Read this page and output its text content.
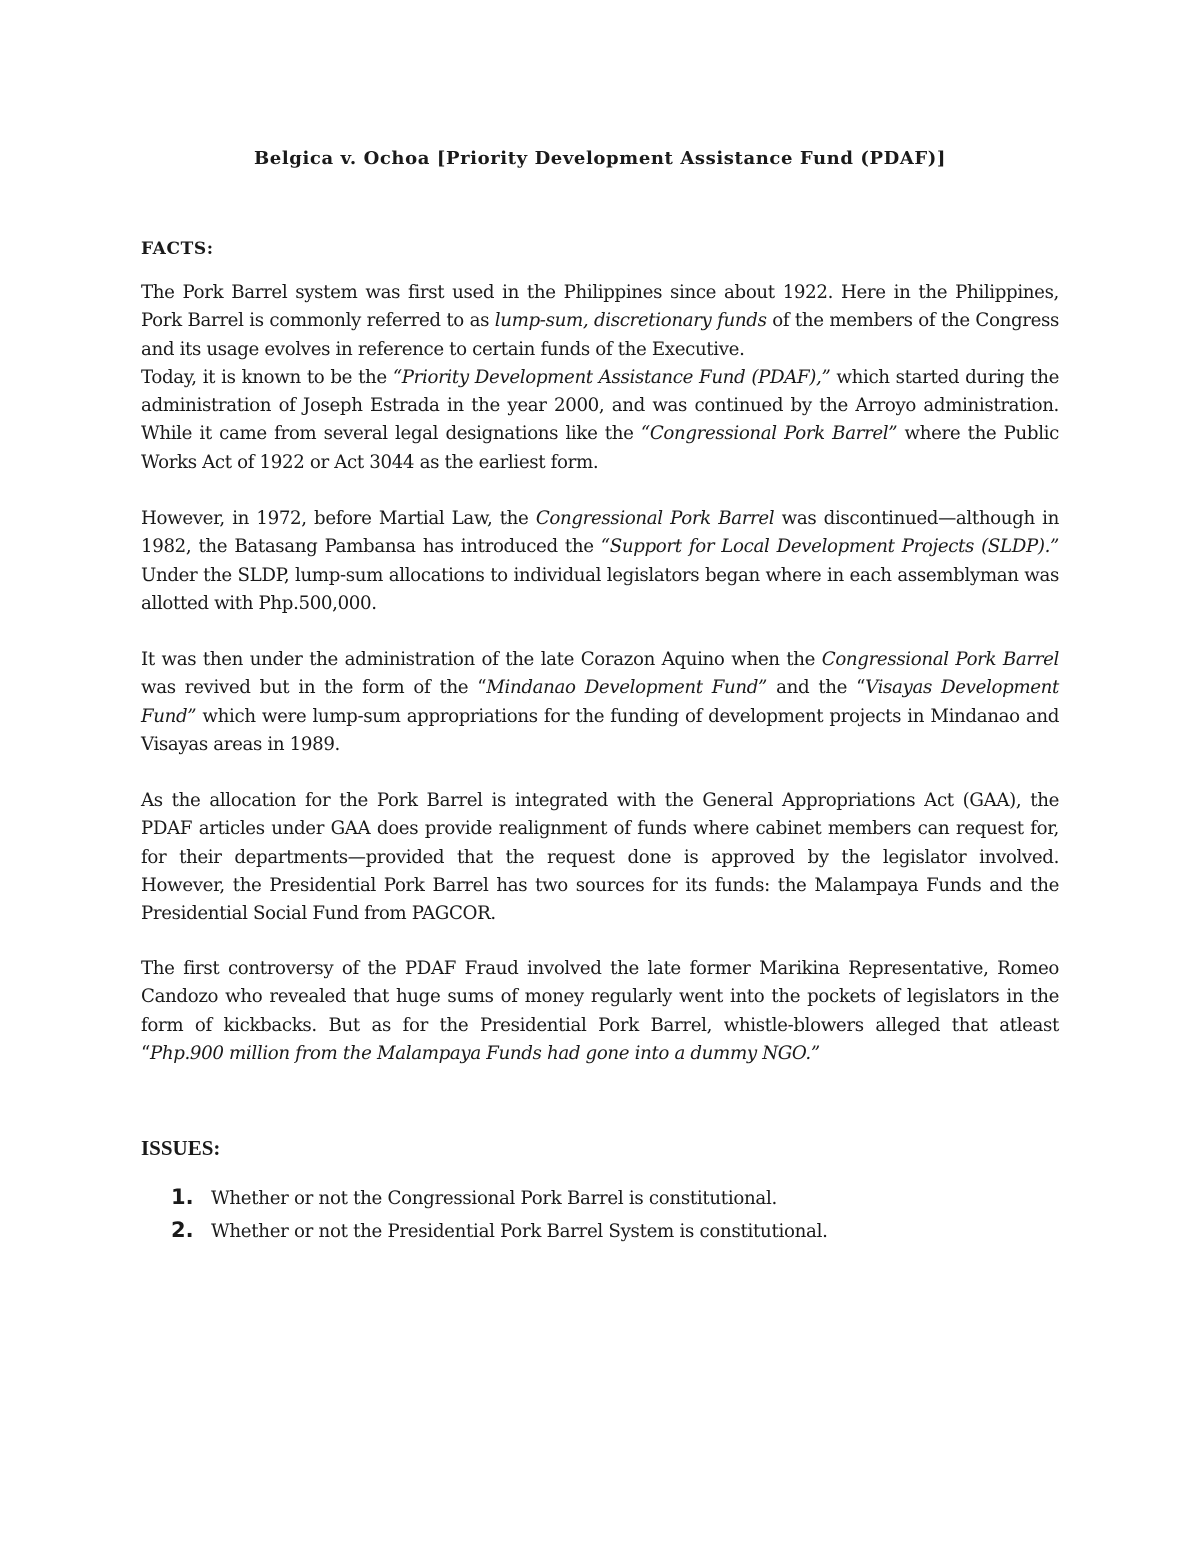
Belgica v. Ochoa [Priority Development Assistance Fund (PDAF)]
FACTS:

The Pork Barrel system was first used in the Philippines since about 1922. Here in the Philippines, Pork Barrel is commonly referred to as lump-sum, discretionary funds of the members of the Congress and its usage evolves in reference to certain funds of the Executive.

Today, it is known to be the “Priority Development Assistance Fund (PDAF),” which started during the administration of Joseph Estrada in the year 2000, and was continued by the Arroyo administration. While it came from several legal designations like the “Congressional Pork Barrel” where the Public Works Act of 1922 or Act 3044 as the earliest form.

However, in 1972, before Martial Law, the Congressional Pork Barrel was discontinued—although in 1982, the Batasang Pambansa has introduced the “Support for Local Development Projects (SLDP).” Under the SLDP, lump-sum allocations to individual legislators began where in each assemblyman was allotted with Php.500,000.

It was then under the administration of the late Corazon Aquino when the Congressional Pork Barrel was revived but in the form of the “Mindanao Development Fund” and the “Visayas Development Fund” which were lump-sum appropriations for the funding of development projects in Mindanao and Visayas areas in 1989.

As the allocation for the Pork Barrel is integrated with the General Appropriations Act (GAA), the PDAF articles under GAA does provide realignment of funds where cabinet members can request for, for their departments—provided that the request done is approved by the legislator involved. However, the Presidential Pork Barrel has two sources for its funds: the Malampaya Funds and the Presidential Social Fund from PAGCOR.

The first controversy of the PDAF Fraud involved the late former Marikina Representative, Romeo Candozo who revealed that huge sums of money regularly went into the pockets of legislators in the form of kickbacks. But as for the Presidential Pork Barrel, whistle-blowers alleged that atleast “Php.900 million from the Malampaya Funds had gone into a dummy NGO.”

ISSUES:
1. Whether or not the Congressional Pork Barrel is constitutional.
2. Whether or not the Presidential Pork Barrel System is constitutional.
